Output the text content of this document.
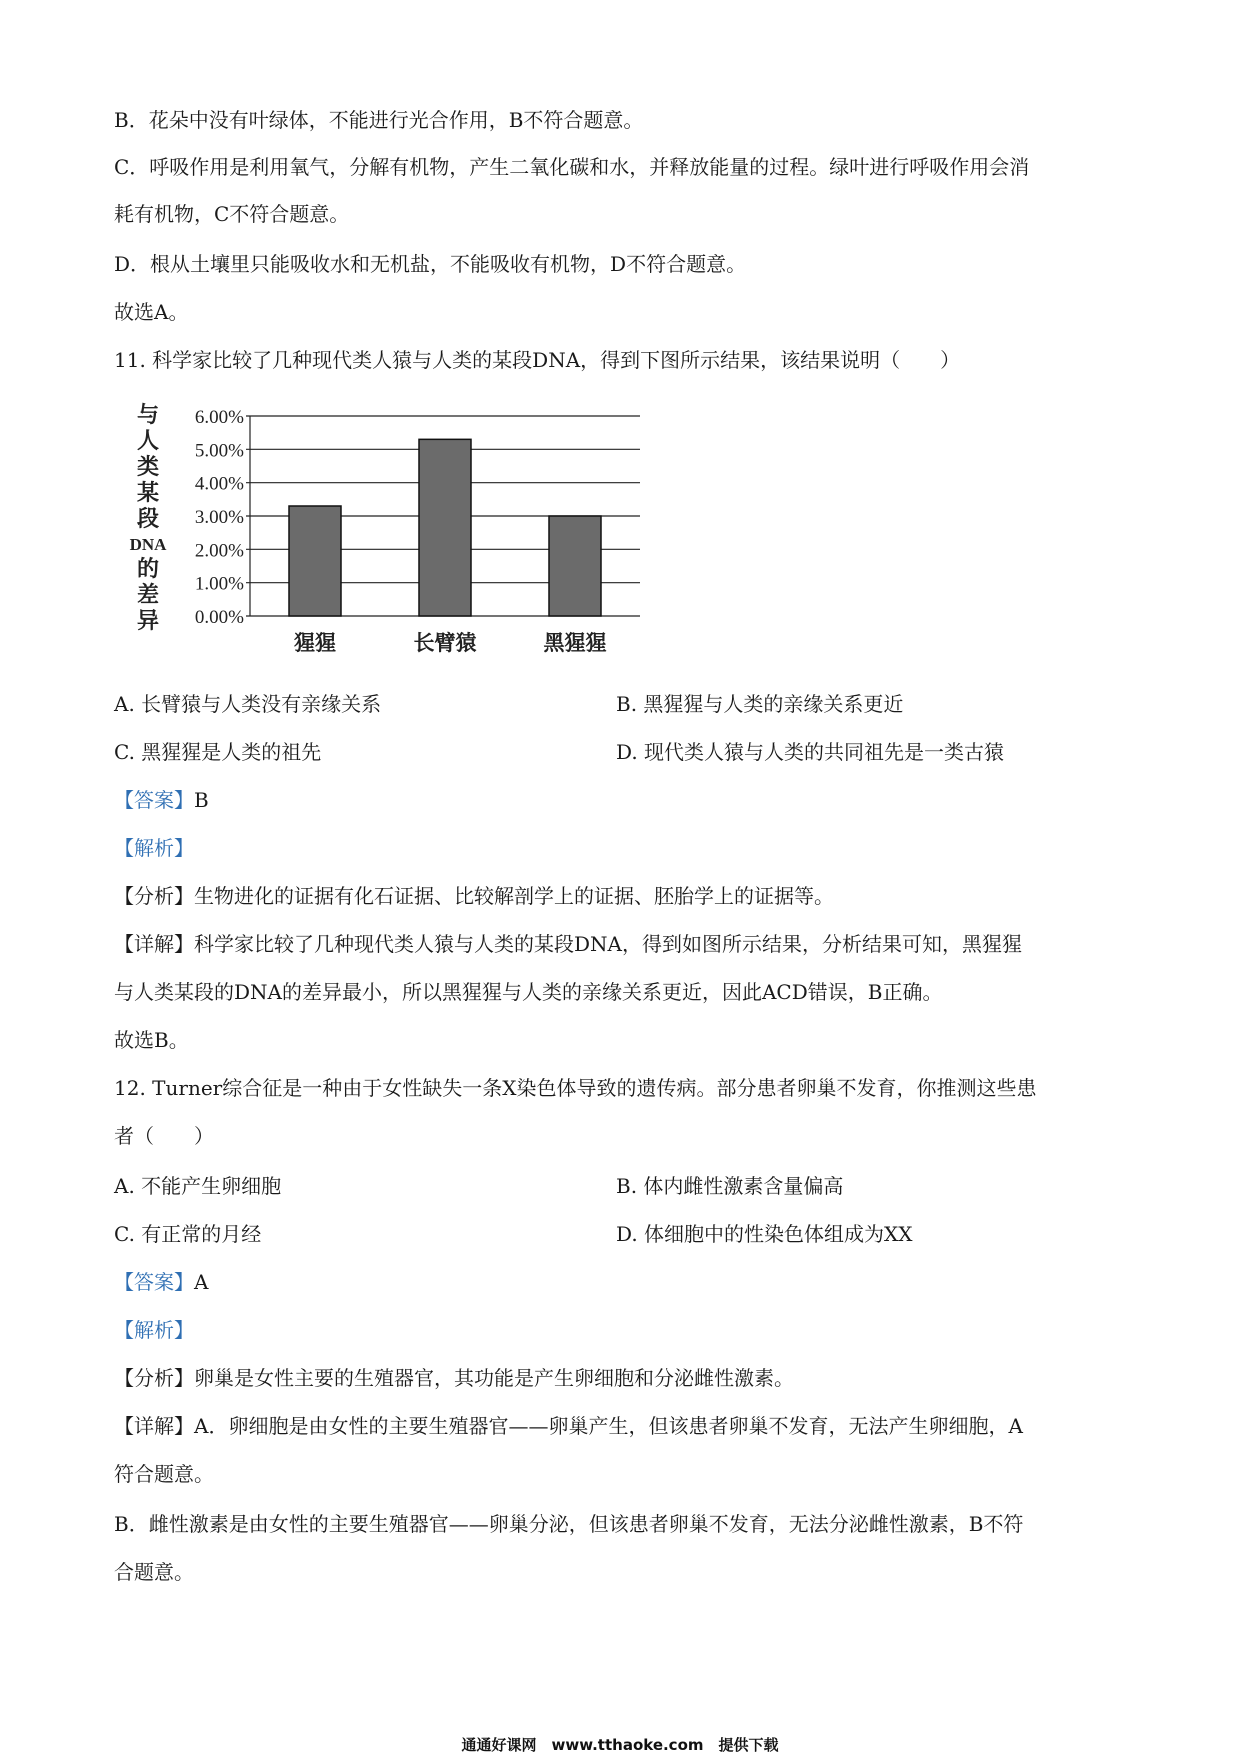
B．花朵中没有叶绿体，不能进行光合作用，B不符合题意。
C．呼吸作用是利用氧气，分解有机物，产生二氧化碳和水，并释放能量的过程。绿叶进行呼吸作用会消
耗有机物，C不符合题意。
D．根从土壤里只能吸收水和无机盐，不能吸收有机物，D不符合题意。
故选A。
11. 科学家比较了几种现代类人猿与人类的某段DNA，得到下图所示结果，该结果说明（　　）
与
人
类
某
段
DNA
的
差
异 0.00%
1.00%
2.00%
3.00%
4.00%
5.00%
6.00%
猩猩	长臂猿	黑猩猩
A. 长臂猿与人类没有亲缘关系	B. 黑猩猩与人类的亲缘关系更近
C. 黑猩猩是人类的祖先	D. 现代类人猿与人类的共同祖先是一类古猿
【答案】B
【解析】
【分析】生物进化的证据有化石证据、比较解剖学上的证据、胚胎学上的证据等。
【详解】科学家比较了几种现代类人猿与人类的某段DNA，得到如图所示结果，分析结果可知，黑猩猩
与人类某段的DNA的差异最小，所以黑猩猩与人类的亲缘关系更近，因此ACD错误，B正确。
故选B。
12. Turner综合征是一种由于女性缺失一条X染色体导致的遗传病。部分患者卵巢不发育，你推测这些患
者（　　）
A. 不能产生卵细胞	B. 体内雌性激素含量偏高
C. 有正常的月经	D. 体细胞中的性染色体组成为XX
【答案】A
【解析】
【分析】卵巢是女性主要的生殖器官，其功能是产生卵细胞和分泌雌性激素。
【详解】A．卵细胞是由女性的主要生殖器官——卵巢产生，但该患者卵巢不发育，无法产生卵细胞，A
符合题意。
B．雌性激素是由女性的主要生殖器官——卵巢分泌，但该患者卵巢不发育，无法分泌雌性激素，B不符
合题意。
通通好课网　www.tthaoke.com　提供下载
